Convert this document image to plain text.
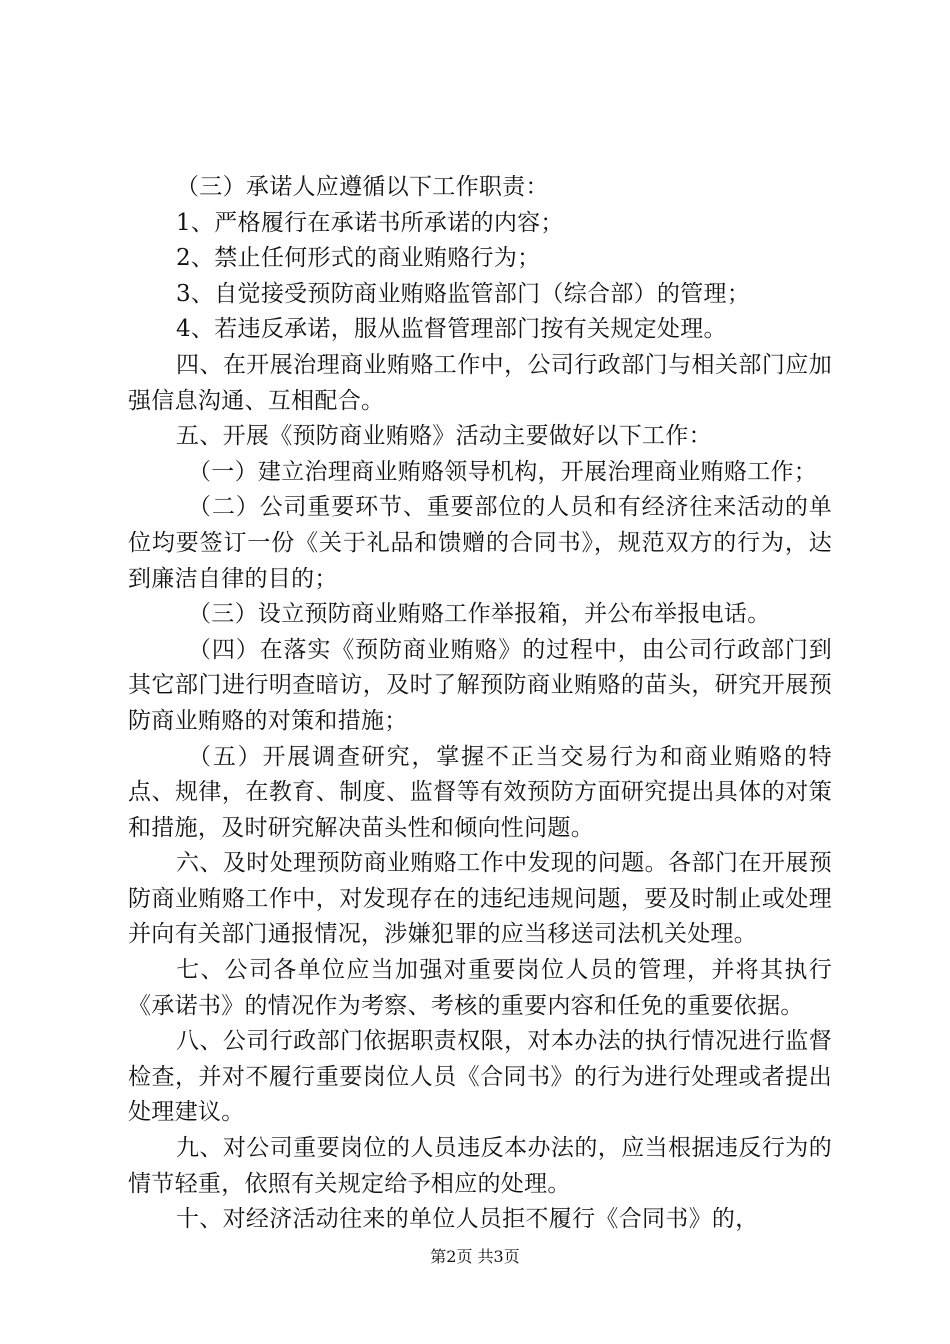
（三）承诺人应遵循以下工作职责：

1、严格履行在承诺书所承诺的内容；

2、禁止任何形式的商业贿赂行为；

3、自觉接受预防商业贿赂监管部门（综合部）的管理；

4、若违反承诺，服从监督管理部门按有关规定处理。

四、在开展治理商业贿赂工作中，公司行政部门与相关部门应加强信息沟通、互相配合。

五、开展《预防商业贿赂》活动主要做好以下工作：

（一）建立治理商业贿赂领导机构，开展治理商业贿赂工作；

（二）公司重要环节、重要部位的人员和有经济往来活动的单位均要签订一份《关于礼品和馈赠的合同书》，规范双方的行为，达到廉洁自律的目的；

（三）设立预防商业贿赂工作举报箱，并公布举报电话。

（四）在落实《预防商业贿赂》的过程中，由公司行政部门到其它部门进行明查暗访，及时了解预防商业贿赂的苗头，研究开展预防商业贿赂的对策和措施；

（五）开展调查研究，掌握不正当交易行为和商业贿赂的特点、规律，在教育、制度、监督等有效预防方面研究提出具体的对策和措施，及时研究解决苗头性和倾向性问题。

六、及时处理预防商业贿赂工作中发现的问题。各部门在开展预防商业贿赂工作中，对发现存在的违纪违规问题，要及时制止或处理并向有关部门通报情况，涉嫌犯罪的应当移送司法机关处理。

七、公司各单位应当加强对重要岗位人员的管理，并将其执行《承诺书》的情况作为考察、考核的重要内容和任免的重要依据。

八、公司行政部门依据职责权限，对本办法的执行情况进行监督检查，并对不履行重要岗位人员《合同书》的行为进行处理或者提出处理建议。

九、对公司重要岗位的人员违反本办法的，应当根据违反行为的情节轻重，依照有关规定给予相应的处理。

十、对经济活动往来的单位人员拒不履行《合同书》的，

第2页 共3页
